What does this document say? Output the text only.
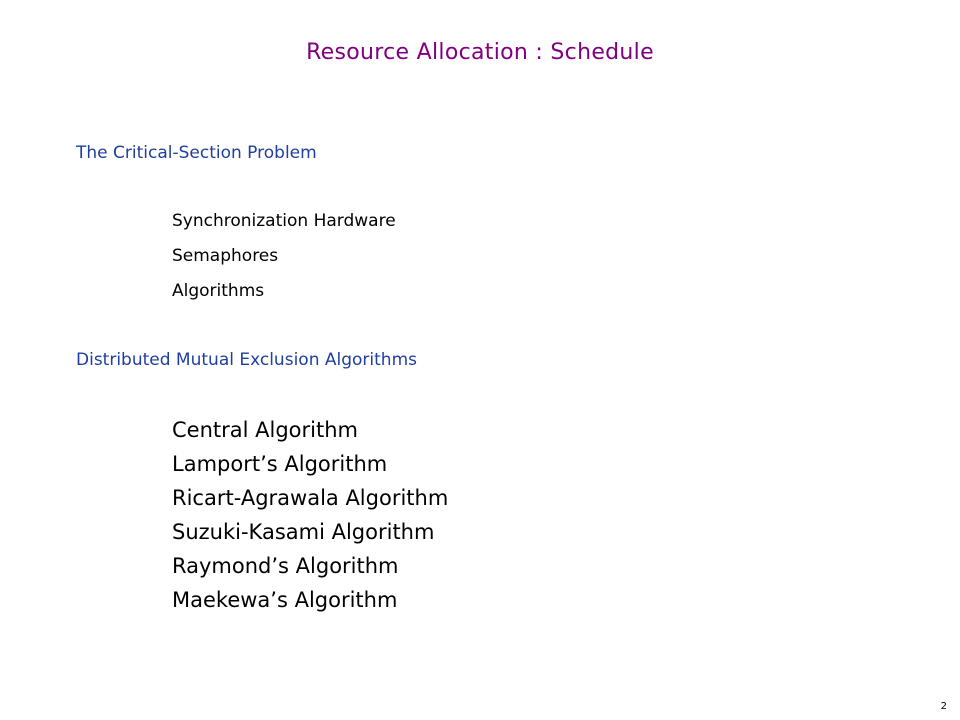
Resource Allocation : Schedule
The Critical-Section Problem
Synchronization Hardware
Semaphores
Algorithms
Distributed Mutual Exclusion Algorithms
Central Algorithm
Lamport’s Algorithm
Ricart-Agrawala Algorithm
Suzuki-Kasami Algorithm
Raymond’s Algorithm
Maekewa’s Algorithm
2
